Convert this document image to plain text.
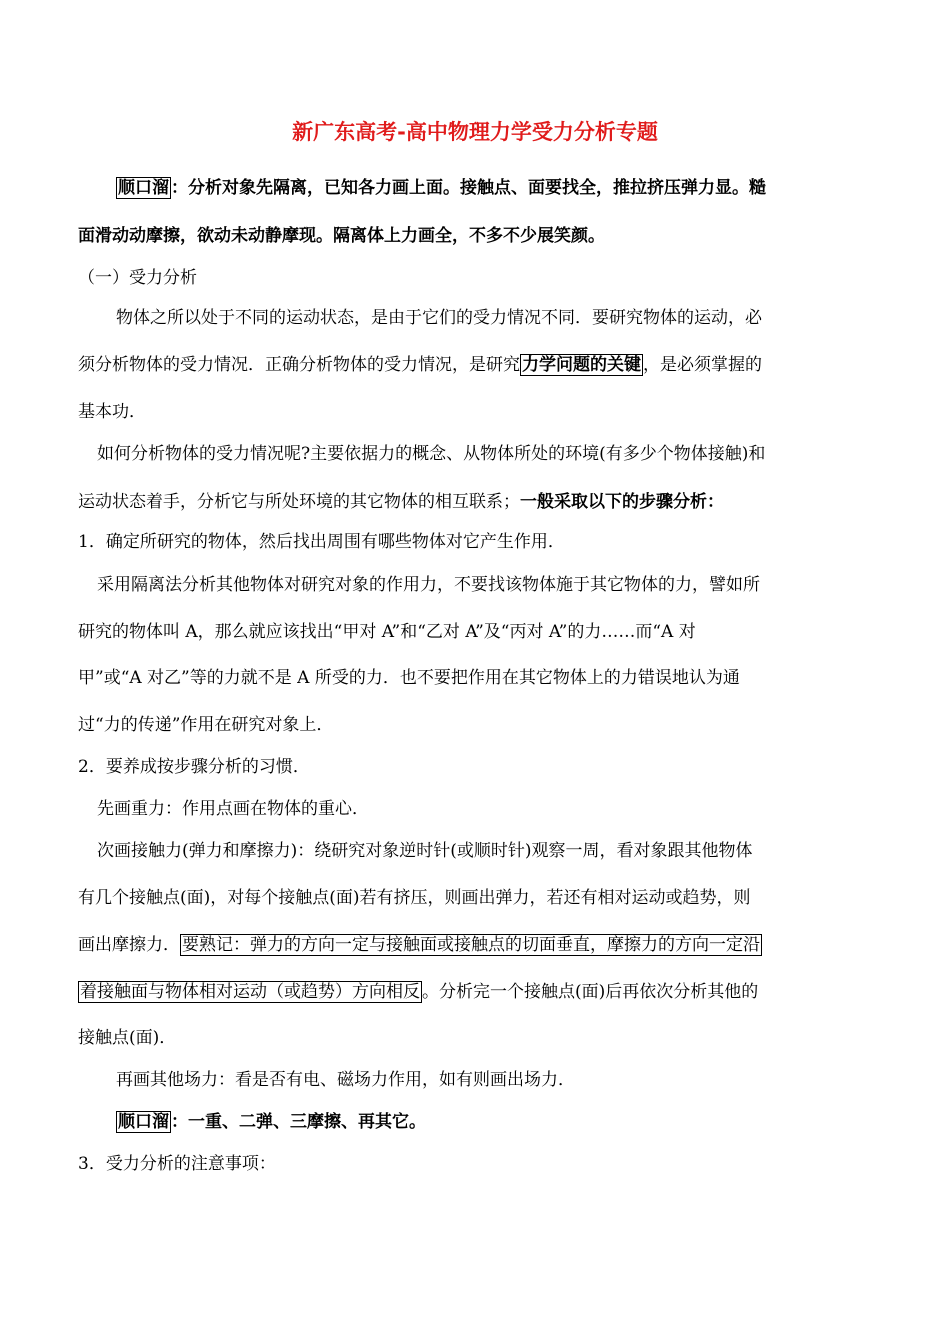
新广东高考-高中物理力学受力分析专题
顺口溜 ：分析对象先隔离，已知各力画上面。接触点、面要找全，推拉挤压弹力显。糙
面滑动动摩擦，欲动未动静摩现。隔离体上力画全，不多不少展笑颜。
（一）受力分析
物体之所以处于不同的运动状态，是由于它们的受力情况不同．要研究物体的运动，必
须分析物体的受力情况．正确分析物体的受力情况，是研究 力学问题的关键 ，是必须掌握的
基本功．
如何分析物体的受力情况呢?主要依据力的概念、从物体所处的环境(有多少个物体接触)和
运动状态着手，分析它与所处环境的其它物体的相互联系；一般采取以下的步骤分析：
1．确定所研究的物体，然后找出周围有哪些物体对它产生作用．
采用隔离法分析其他物体对研究对象的作用力，不要找该物体施于其它物体的力，譬如所
研究的物体叫 A，那么就应该找出“甲对 A”和“乙对 A”及“丙对 A”的力……而“A 对
甲”或“A 对乙”等的力就不是 A 所受的力．也不要把作用在其它物体上的力错误地认为通
过“力的传递”作用在研究对象上．
2．要养成按步骤分析的习惯．
先画重力：作用点画在物体的重心．
次画接触力(弹力和摩擦力)：绕研究对象逆时针(或顺时针)观察一周，看对象跟其他物体
有几个接触点(面)，对每个接触点(面)若有挤压，则画出弹力，若还有相对运动或趋势，则
画出摩擦力． 要熟记：弹力的方向一定与接触面或接触点的切面垂直，摩擦力的方向一定沿
着接触面与物体相对运动（或趋势）方向相反 。分析完一个接触点(面)后再依次分析其他的
接触点(面)．
再画其他场力：看是否有电、磁场力作用，如有则画出场力．
顺口溜 ：一重、二弹、三摩擦、再其它。
3．受力分析的注意事项：
